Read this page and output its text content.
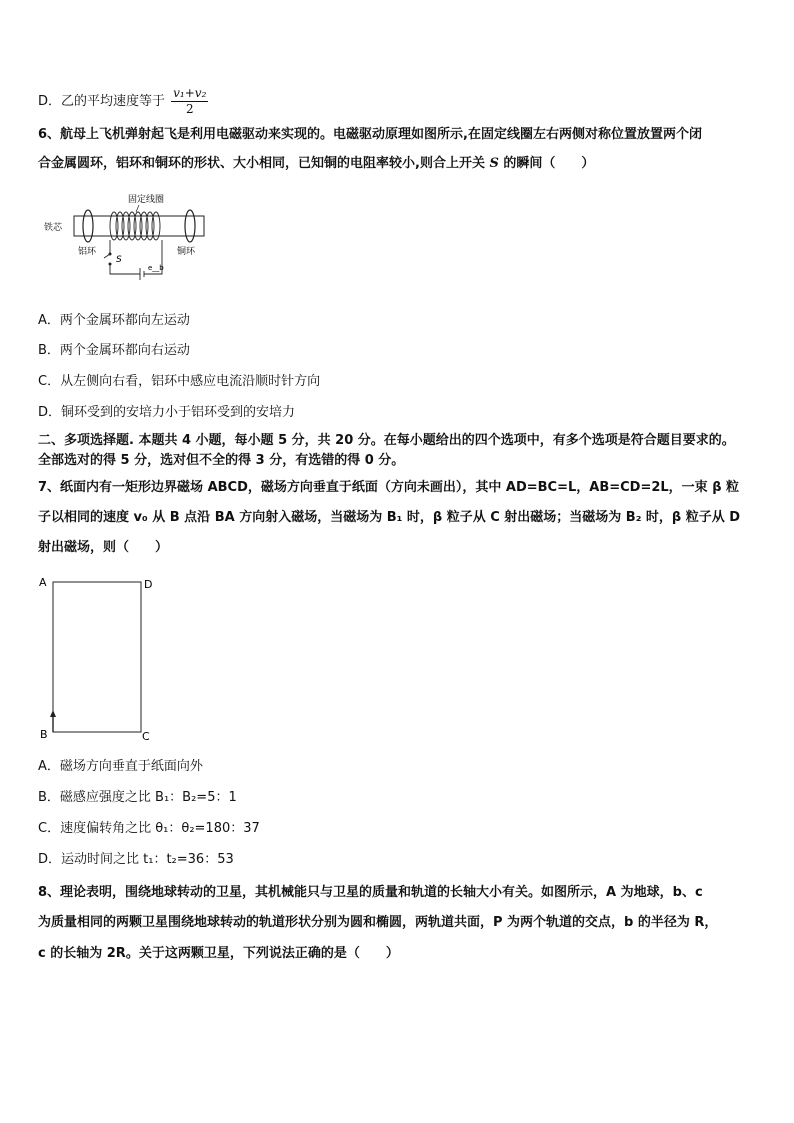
D．乙的平均速度等于 $\frac{\text{v₁+v₂}}{2}$
6、航母上飞机弹射起飞是利用电磁驱动来实现的。电磁驱动原理如图所示,在固定线圈左右两侧对称位置放置两个闭
合金属圆环，铝环和铜环的形状、大小相同，已知铜的电阻率较小,则合上开关 S 的瞬间（　　）
固定线圈
铁芯
铝环	铜环
S
e__b
A．两个金属环都向左运动
B．两个金属环都向右运动
C．从左侧向右看，铝环中感应电流沿顺时针方向
D．铜环受到的安培力小于铝环受到的安培力
二、多项选择题. 本题共 4 小题，每小题 5 分，共 20 分。在每小题给出的四个选项中，有多个选项是符合题目要求的。
全部选对的得 5 分，选对但不全的得 3 分，有选错的得 0 分。
7、纸面内有一矩形边界磁场 ABCD，磁场方向垂直于纸面（方向未画出），其中 AD=BC=L，AB=CD=2L，一束 β 粒
子以相同的速度 v₀ 从 B 点沿 BA 方向射入磁场，当磁场为 B₁ 时，β 粒子从 C 射出磁场；当磁场为 B₂ 时，β 粒子从 D
射出磁场，则（　　）
A	D
B	C
A．磁场方向垂直于纸面向外
B．磁感应强度之比 B₁：B₂=5：1
C．速度偏转角之比 θ₁：θ₂=180：37
D．运动时间之比 t₁：t₂=36：53
8、理论表明，围绕地球转动的卫星，其机械能只与卫星的质量和轨道的长轴大小有关。如图所示，A 为地球，b、c
为质量相同的两颗卫星围绕地球转动的轨道形状分别为圆和椭圆，两轨道共面，P 为两个轨道的交点，b 的半径为 R，
c 的长轴为 2R。关于这两颗卫星，下列说法正确的是（　　）
